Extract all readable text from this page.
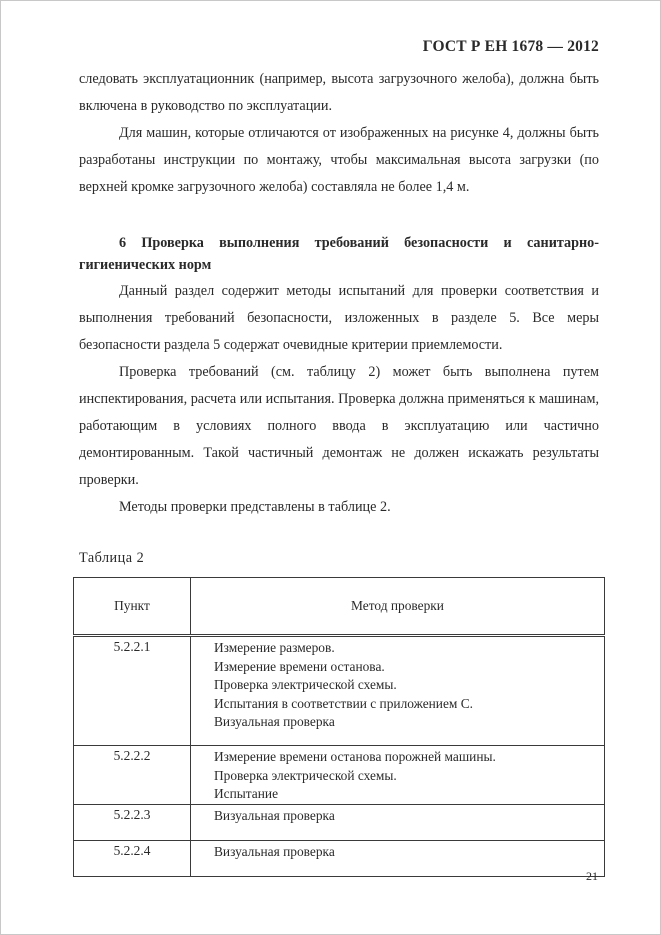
ГОСТ Р ЕН 1678 — 2012

следовать эксплуатационник (например, высота загрузочного желоба), должна быть включена в руководство по эксплуатации.

Для машин, которые отличаются от изображенных на рисунке 4, должны быть разработаны инструкции по монтажу, чтобы максимальная высота загрузки (по верхней кромке загрузочного желоба) составляла не более 1,4 м.

6 Проверка выполнения требований безопасности и санитарно-гигиенических норм

Данный раздел содержит методы испытаний для проверки соответствия и выполнения требований безопасности, изложенных в разделе 5. Все меры безопасности раздела 5 содержат очевидные критерии приемлемости.

Проверка требований (см. таблицу 2) может быть выполнена путем инспектирования, расчета или испытания. Проверка должна применяться к машинам, работающим в условиях полного ввода в эксплуатацию или частично демонтированным. Такой частичный демонтаж не должен искажать результаты проверки.

Методы проверки представлены в таблице 2.

Таблица 2
Пункт	Метод проверки
5.2.2.1	Измерение размеров.
Измерение времени останова.
Проверка электрической схемы.
Испытания в соответствии с приложением С.
Визуальная проверка

5.2.2.2	Измерение времени останова порожней машины.
Проверка электрической схемы.
Испытание

5.2.2.3	Визуальная проверка

5.2.2.4	Визуальная проверка
21
